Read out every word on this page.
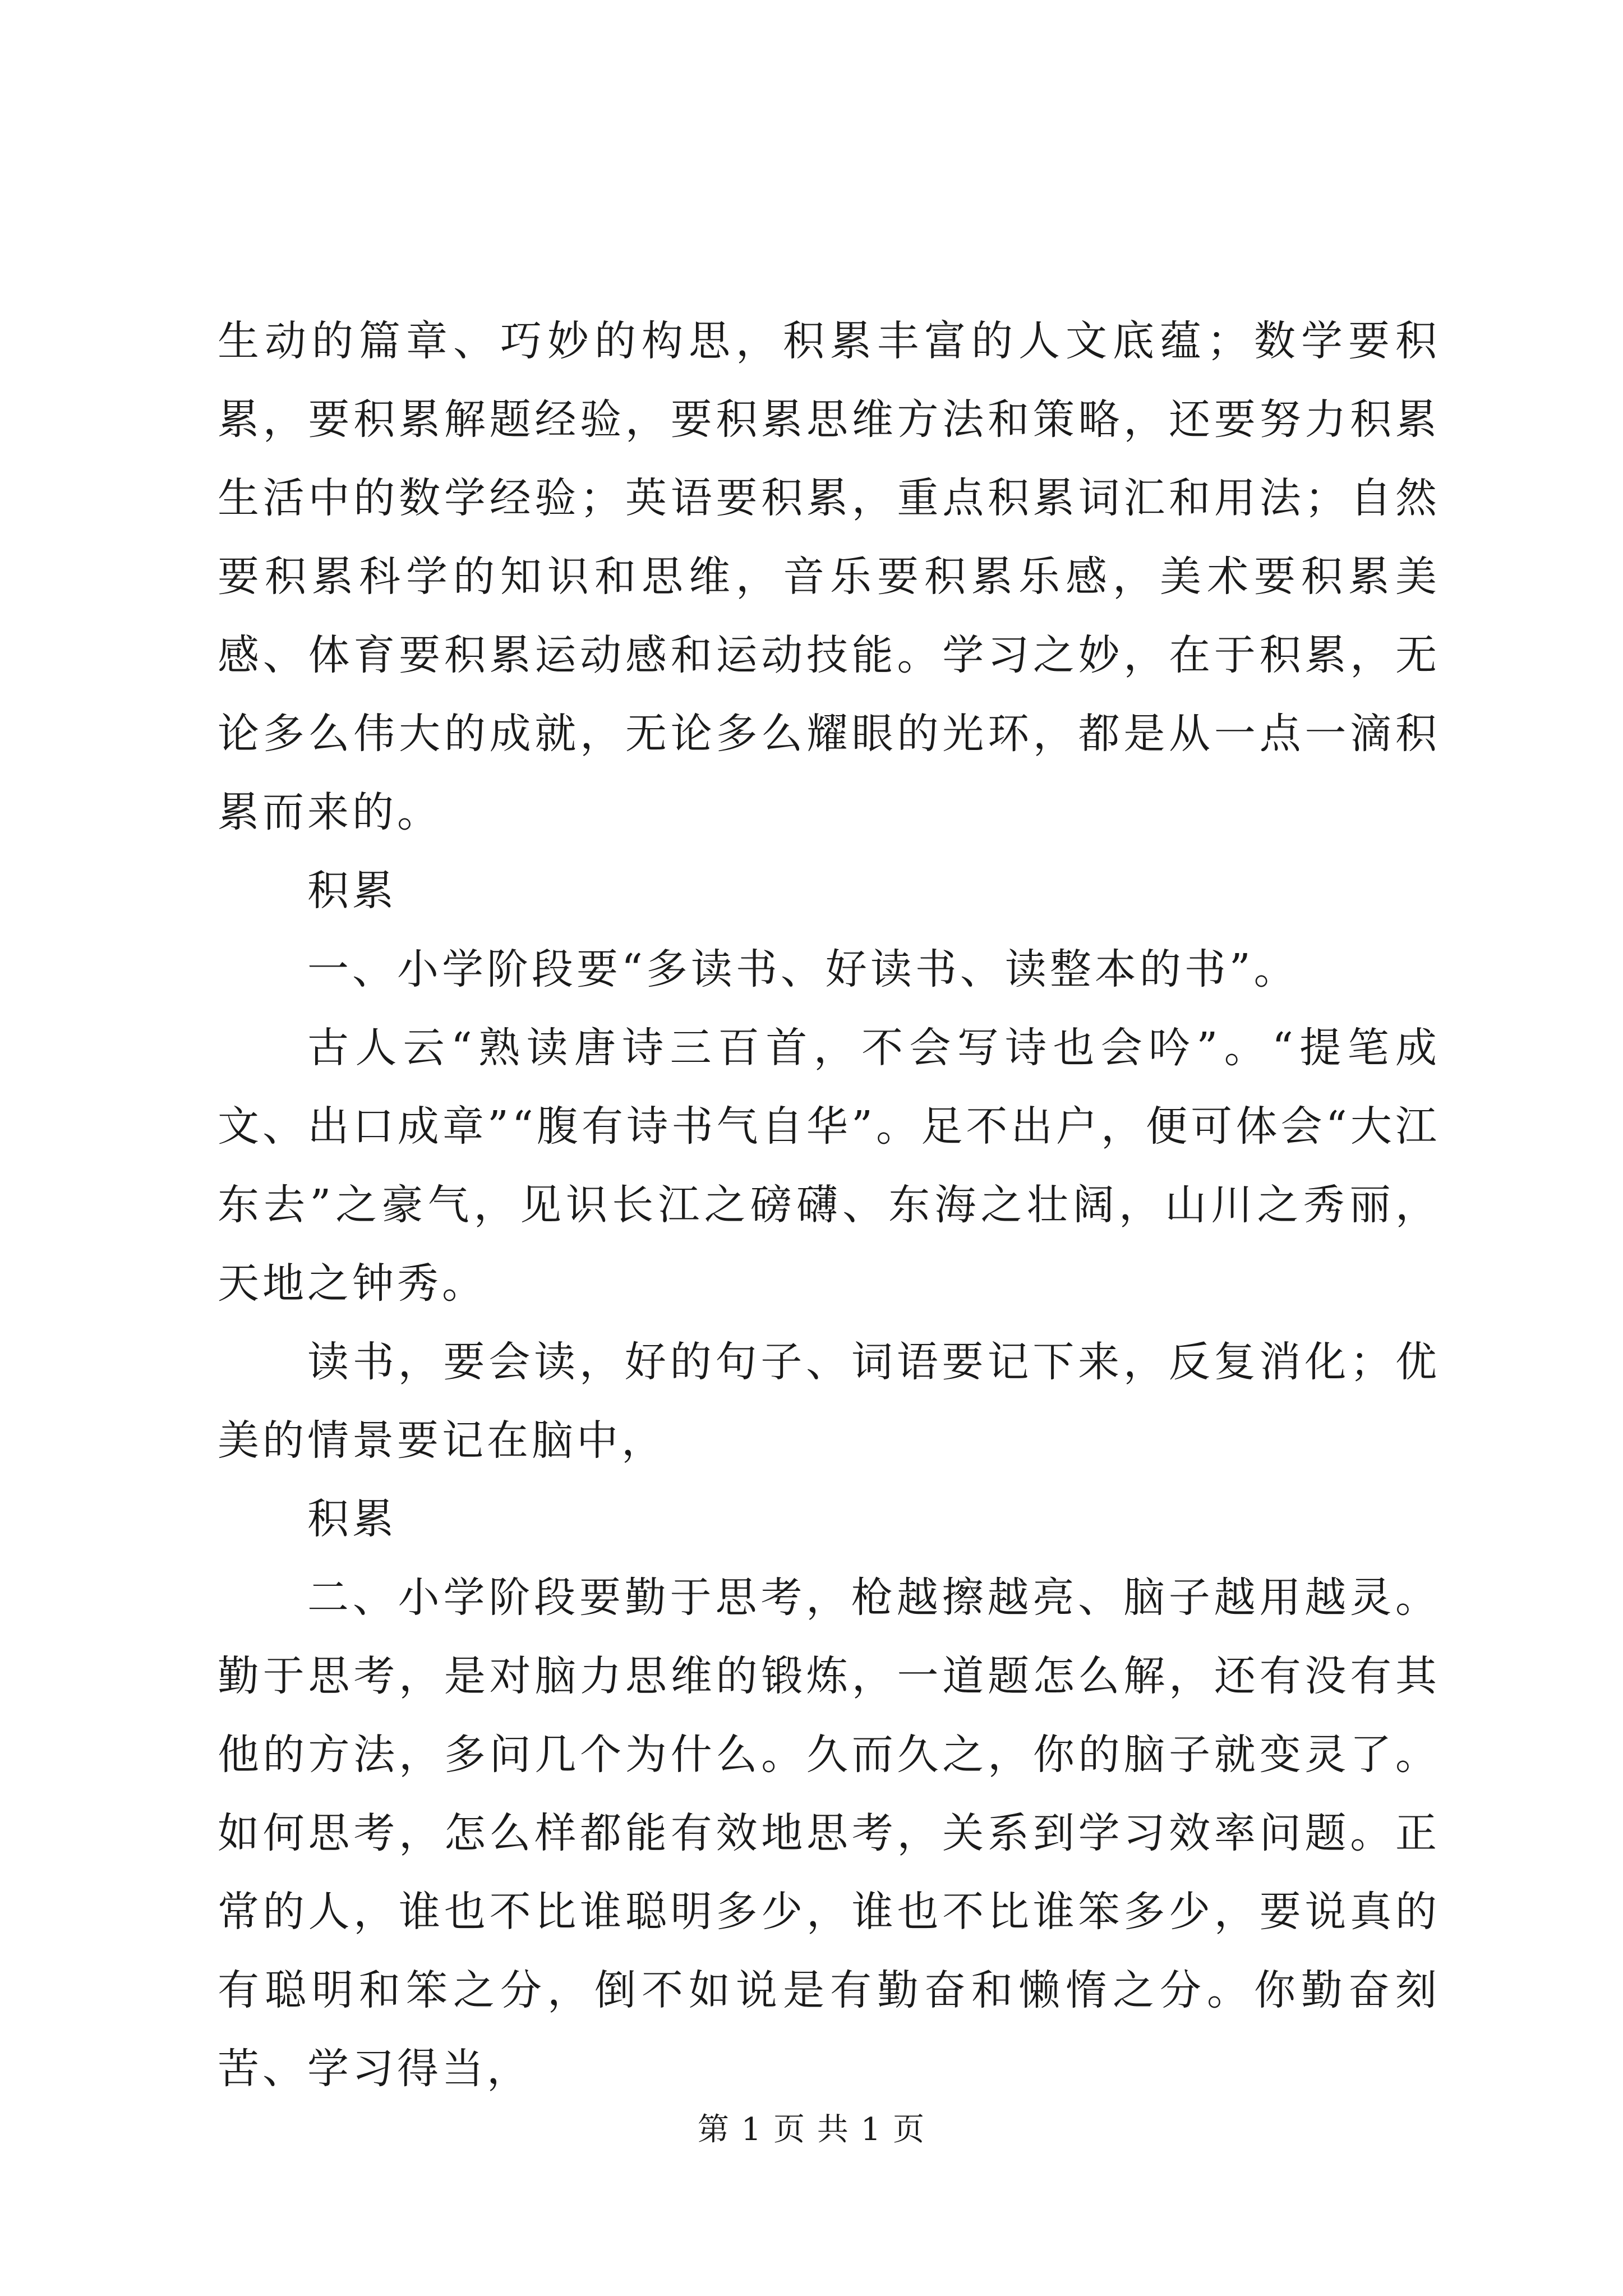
生动的篇章、巧妙的构思，积累丰富的人文底蕴；数学要积累，要积累解题经验，要积累思维方法和策略，还要努力积累生活中的数学经验；英语要积累，重点积累词汇和用法；自然要积累科学的知识和思维，音乐要积累乐感，美术要积累美感、体育要积累运动感和运动技能。学习之妙，在于积累，无论多么伟大的成就，无论多么耀眼的光环，都是从一点一滴积累而来的。

积累

一、小学阶段要“多读书、好读书、读整本的书”。

古人云“熟读唐诗三百首，不会写诗也会吟”。“提笔成文、出口成章”“腹有诗书气自华”。足不出户，便可体会“大江东去”之豪气，见识长江之磅礴、东海之壮阔，山川之秀丽，天地之钟秀。

读书，要会读，好的句子、词语要记下来，反复消化；优美的情景要记在脑中，

积累

二、小学阶段要勤于思考，枪越擦越亮、脑子越用越灵。勤于思考，是对脑力思维的锻炼，一道题怎么解，还有没有其他的方法，多问几个为什么。久而久之，你的脑子就变灵了。如何思考，怎么样都能有效地思考，关系到学习效率问题。正常的人，谁也不比谁聪明多少，谁也不比谁笨多少，要说真的有聪明和笨之分，倒不如说是有勤奋和懒惰之分。你勤奋刻苦、学习得当，

第 1 页 共 1 页
